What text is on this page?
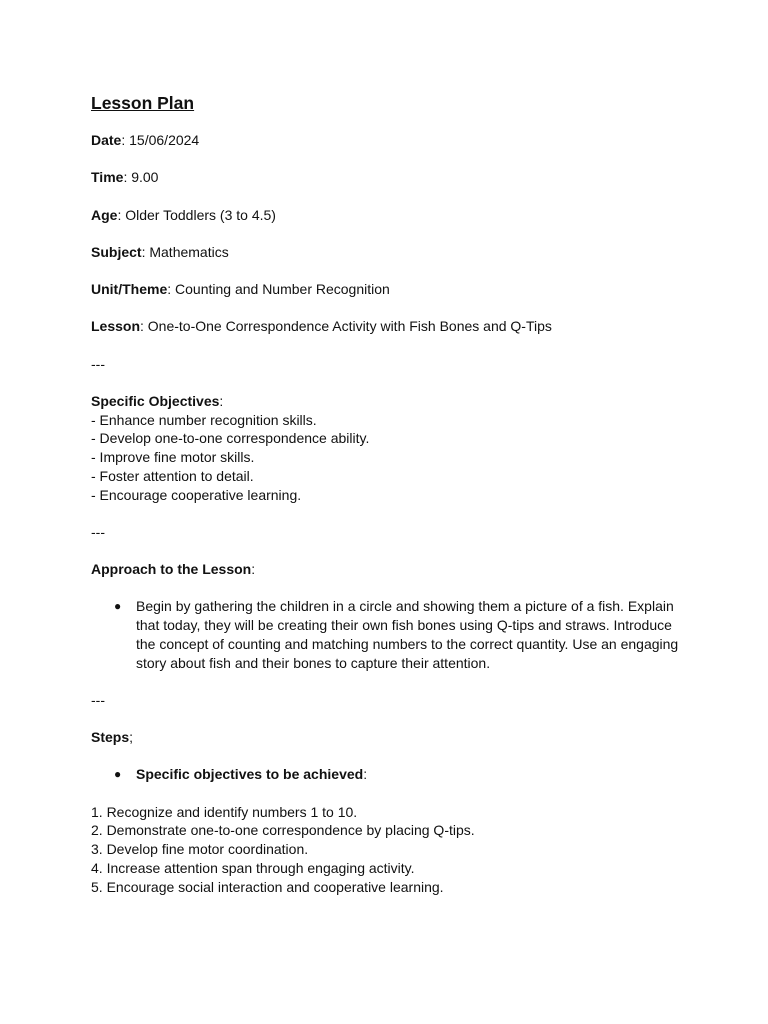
Lesson Plan
Date: 15/06/2024
Time: 9.00
Age: Older Toddlers (3 to 4.5)
Subject: Mathematics
Unit/Theme: Counting and Number Recognition
Lesson: One-to-One Correspondence Activity with Fish Bones and Q-Tips
---
Specific Objectives:
- Enhance number recognition skills.
- Develop one-to-one correspondence ability.
- Improve fine motor skills.
- Foster attention to detail.
- Encourage cooperative learning.
---
Approach to the Lesson:
● Begin by gathering the children in a circle and showing them a picture of a fish. Explain that today, they will be creating their own fish bones using Q-tips and straws. Introduce the concept of counting and matching numbers to the correct quantity. Use an engaging story about fish and their bones to capture their attention.
---
Steps;
● Specific objectives to be achieved:
1. Recognize and identify numbers 1 to 10.
2. Demonstrate one-to-one correspondence by placing Q-tips.
3. Develop fine motor coordination.
4. Increase attention span through engaging activity.
5. Encourage social interaction and cooperative learning.
